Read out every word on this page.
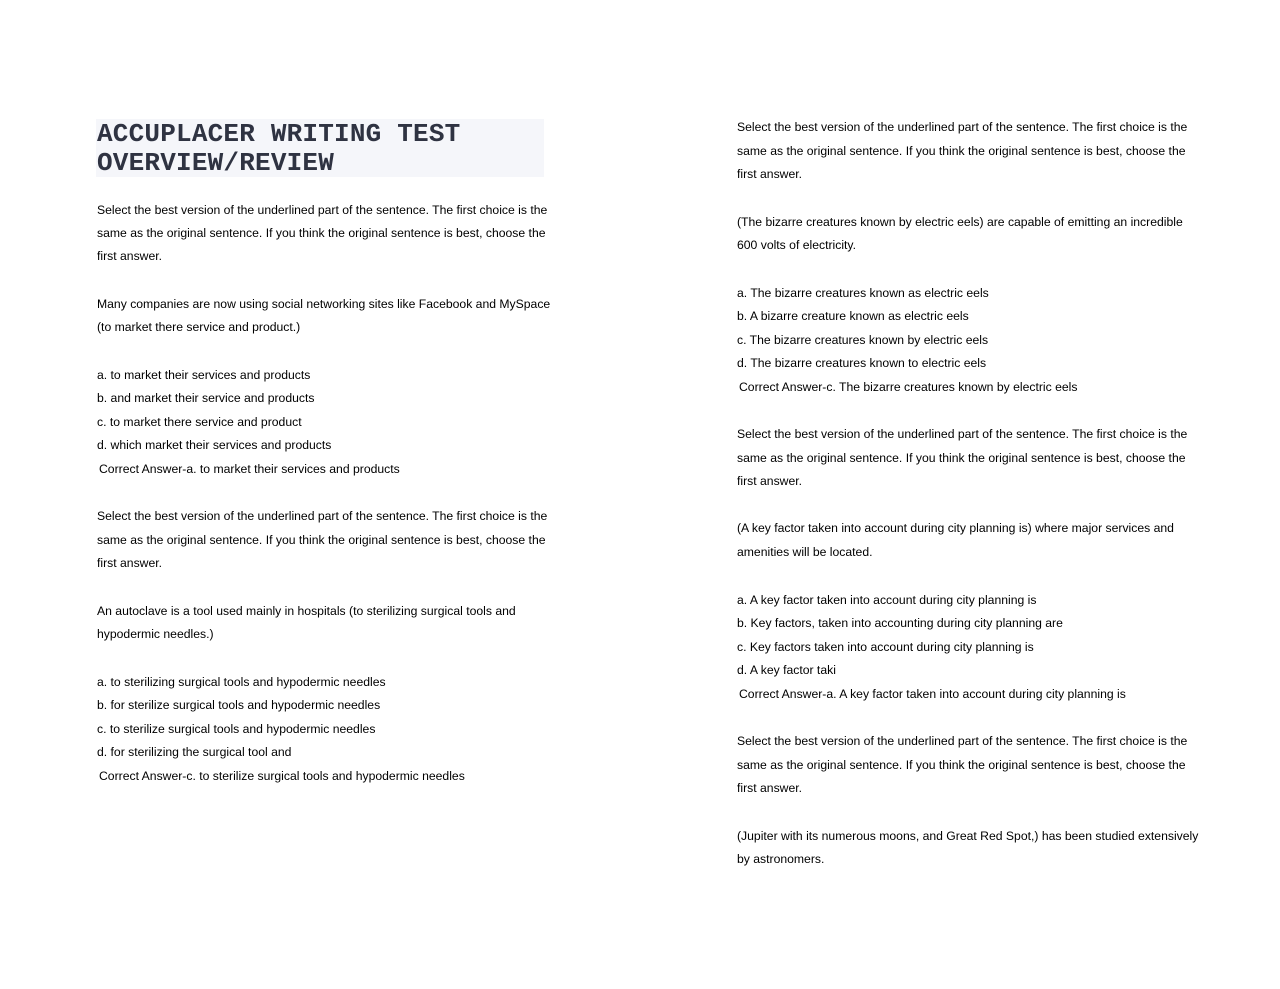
ACCUPLACER WRITING TEST
OVERVIEW/REVIEW
Select the best version of the underlined part of the sentence. The first choice is the
same as the original sentence. If you think the original sentence is best, choose the
first answer.
Many companies are now using social networking sites like Facebook and MySpace
(to market there service and product.)
a. to market their services and products
b. and market their service and products
c. to market there service and product
d. which market their services and products
Correct Answer-a. to market their services and products
Select the best version of the underlined part of the sentence. The first choice is the
same as the original sentence. If you think the original sentence is best, choose the
first answer.
An autoclave is a tool used mainly in hospitals (to sterilizing surgical tools and
hypodermic needles.)
a. to sterilizing surgical tools and hypodermic needles
b. for sterilize surgical tools and hypodermic needles
c. to sterilize surgical tools and hypodermic needles
d. for sterilizing the surgical tool and
Correct Answer-c. to sterilize surgical tools and hypodermic needles
Select the best version of the underlined part of the sentence. The first choice is the
same as the original sentence. If you think the original sentence is best, choose the
first answer.
(The bizarre creatures known by electric eels) are capable of emitting an incredible
600 volts of electricity.
a. The bizarre creatures known as electric eels
b. A bizarre creature known as electric eels
c. The bizarre creatures known by electric eels
d. The bizarre creatures known to electric eels
Correct Answer-c. The bizarre creatures known by electric eels
Select the best version of the underlined part of the sentence. The first choice is the
same as the original sentence. If you think the original sentence is best, choose the
first answer.
(A key factor taken into account during city planning is) where major services and
amenities will be located.
a. A key factor taken into account during city planning is
b. Key factors, taken into accounting during city planning are
c. Key factors taken into account during city planning is
d. A key factor taki
Correct Answer-a. A key factor taken into account during city planning is
Select the best version of the underlined part of the sentence. The first choice is the
same as the original sentence. If you think the original sentence is best, choose the
first answer.
(Jupiter with its numerous moons, and Great Red Spot,) has been studied extensively
by astronomers.
